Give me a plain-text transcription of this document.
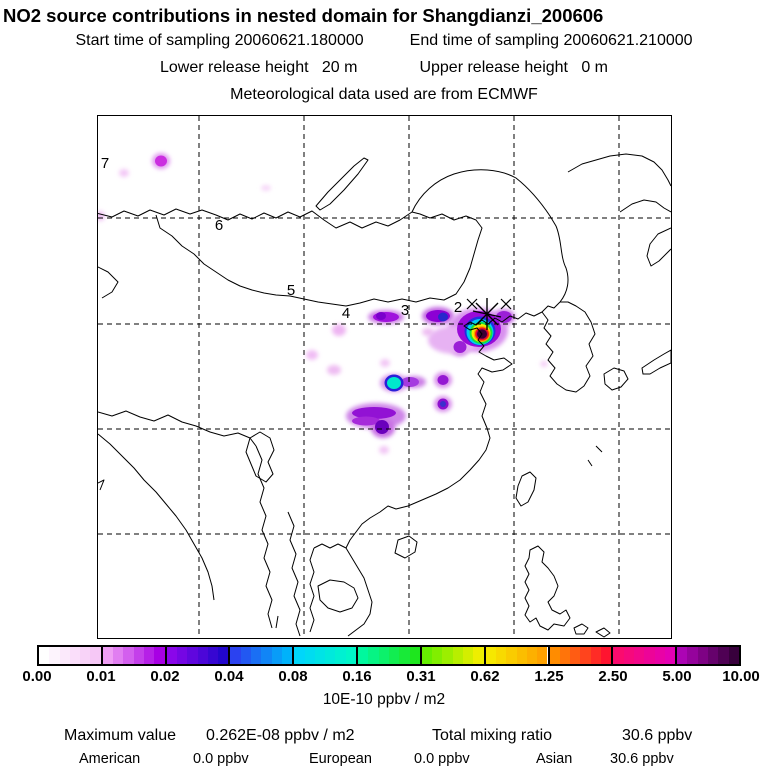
NO2 source contributions in nested domain for Shangdianzi_200606
Start time of sampling 20060621.180000	End time of sampling 20060621.210000
Lower release height   20 m	Upper release height   0 m
Meteorological data used are from ECMWF
7
6
5
4	3	2
0.00 0.01 0.02 0.04 0.08 0.16 0.31 0.62 1.25 2.50 5.00 10.00
10E-10 ppbv / m2
Maximum value 0.262E-08 ppbv / m2	Total mixing ratio	30.6 ppbv
American	0.0 ppbv	European	0.0 ppbv	Asian	30.6 ppbv
